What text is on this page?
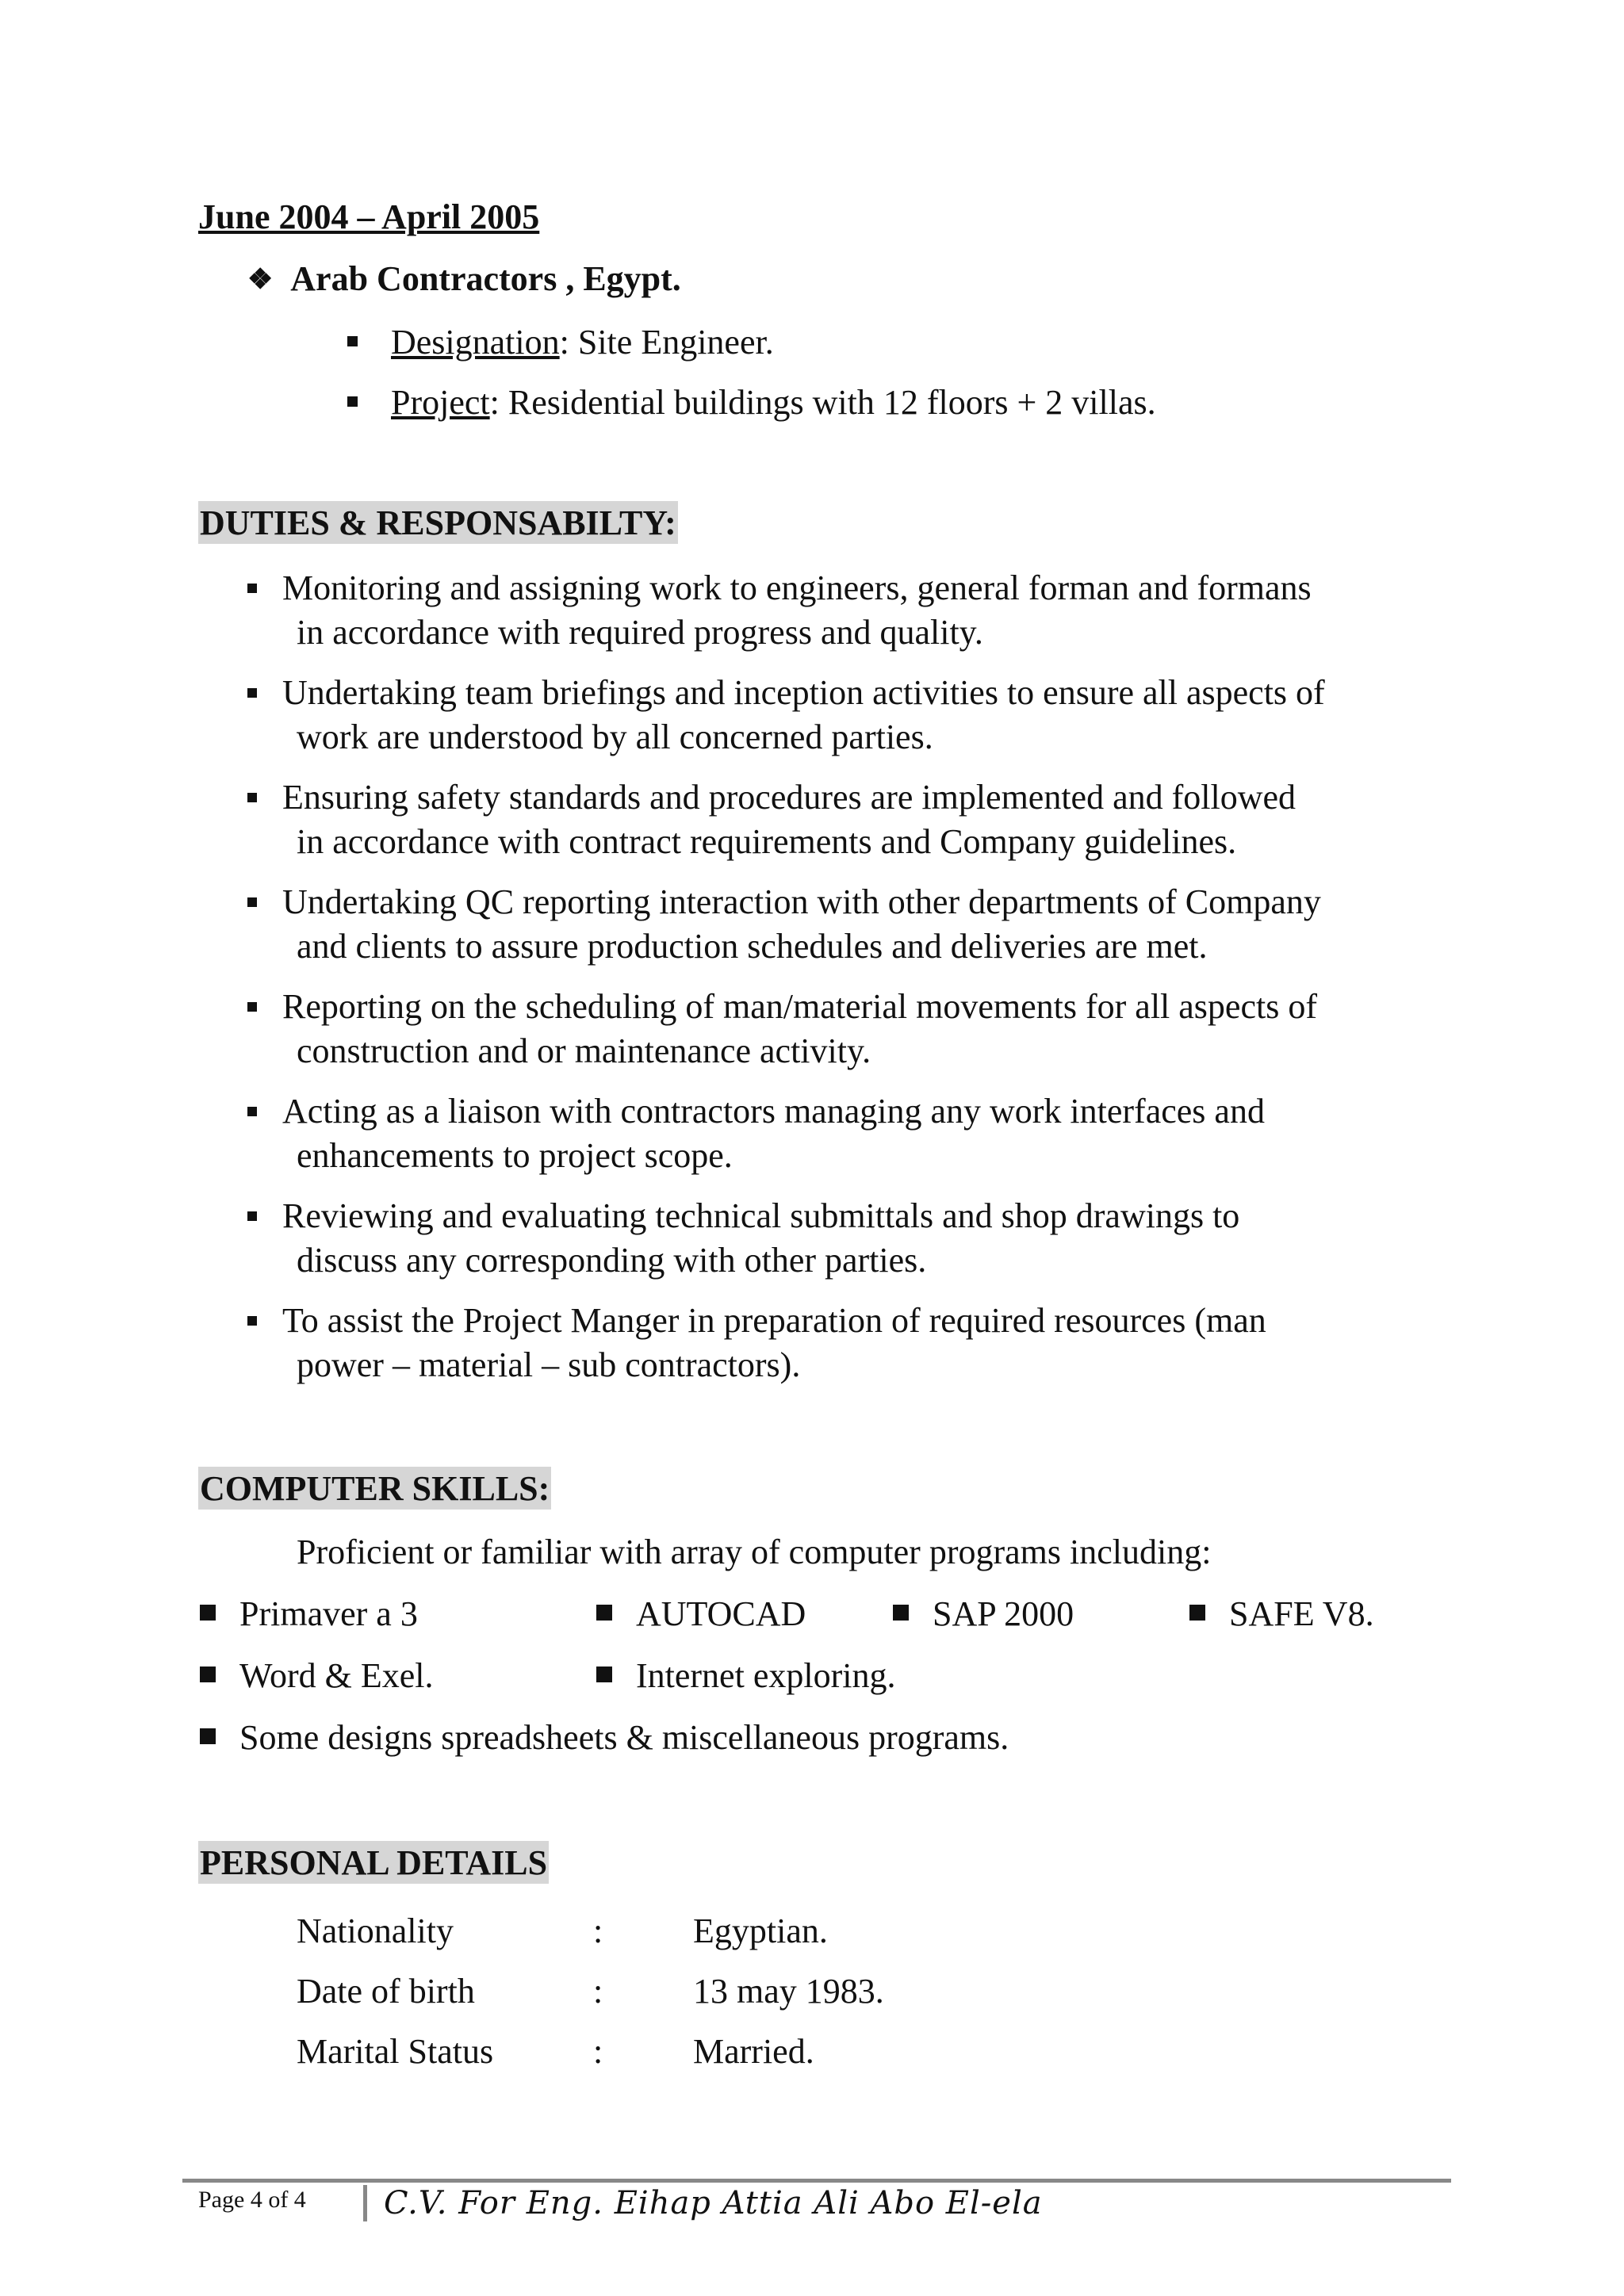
June 2004 – April 2005
❖ Arab Contractors , Egypt.
Designation : Site Engineer.
Project : Residential buildings with 12 floors + 2 villas.
DUTIES & RESPONSABILTY:
Monitoring and assigning work to engineers, general forman and formans
in accordance with required progress and quality.
Undertaking team briefings and inception activities to ensure all aspects of
work are understood by all concerned parties.
Ensuring safety standards and procedures are implemented and followed
in accordance with contract requirements and Company guidelines.
Undertaking QC reporting interaction with other departments of Company
and clients to assure production schedules and deliveries are met.
Reporting on the scheduling of man/material movements for all aspects of
construction and or maintenance activity.
Acting as a liaison with contractors managing any work interfaces and
enhancements to project scope.
Reviewing and evaluating technical submittals and shop drawings to
discuss any corresponding with other parties.
To assist the Project Manger in preparation of required resources (man
power – material – sub contractors).
COMPUTER SKILLS:
Proficient or familiar with array of computer programs including:
Primaver a 3	AUTOCAD	SAP 2000	SAFE V8.
Word & Exel.	Internet exploring.
Some designs spreadsheets & miscellaneous programs.
PERSONAL DETAILS
Nationality	:	Egyptian.
Date of birth	:	13 may 1983.
Marital Status	:	Married.
Page 4 of 4 C.V. For Eng. Eihap Attia Ali Abo El-ela
